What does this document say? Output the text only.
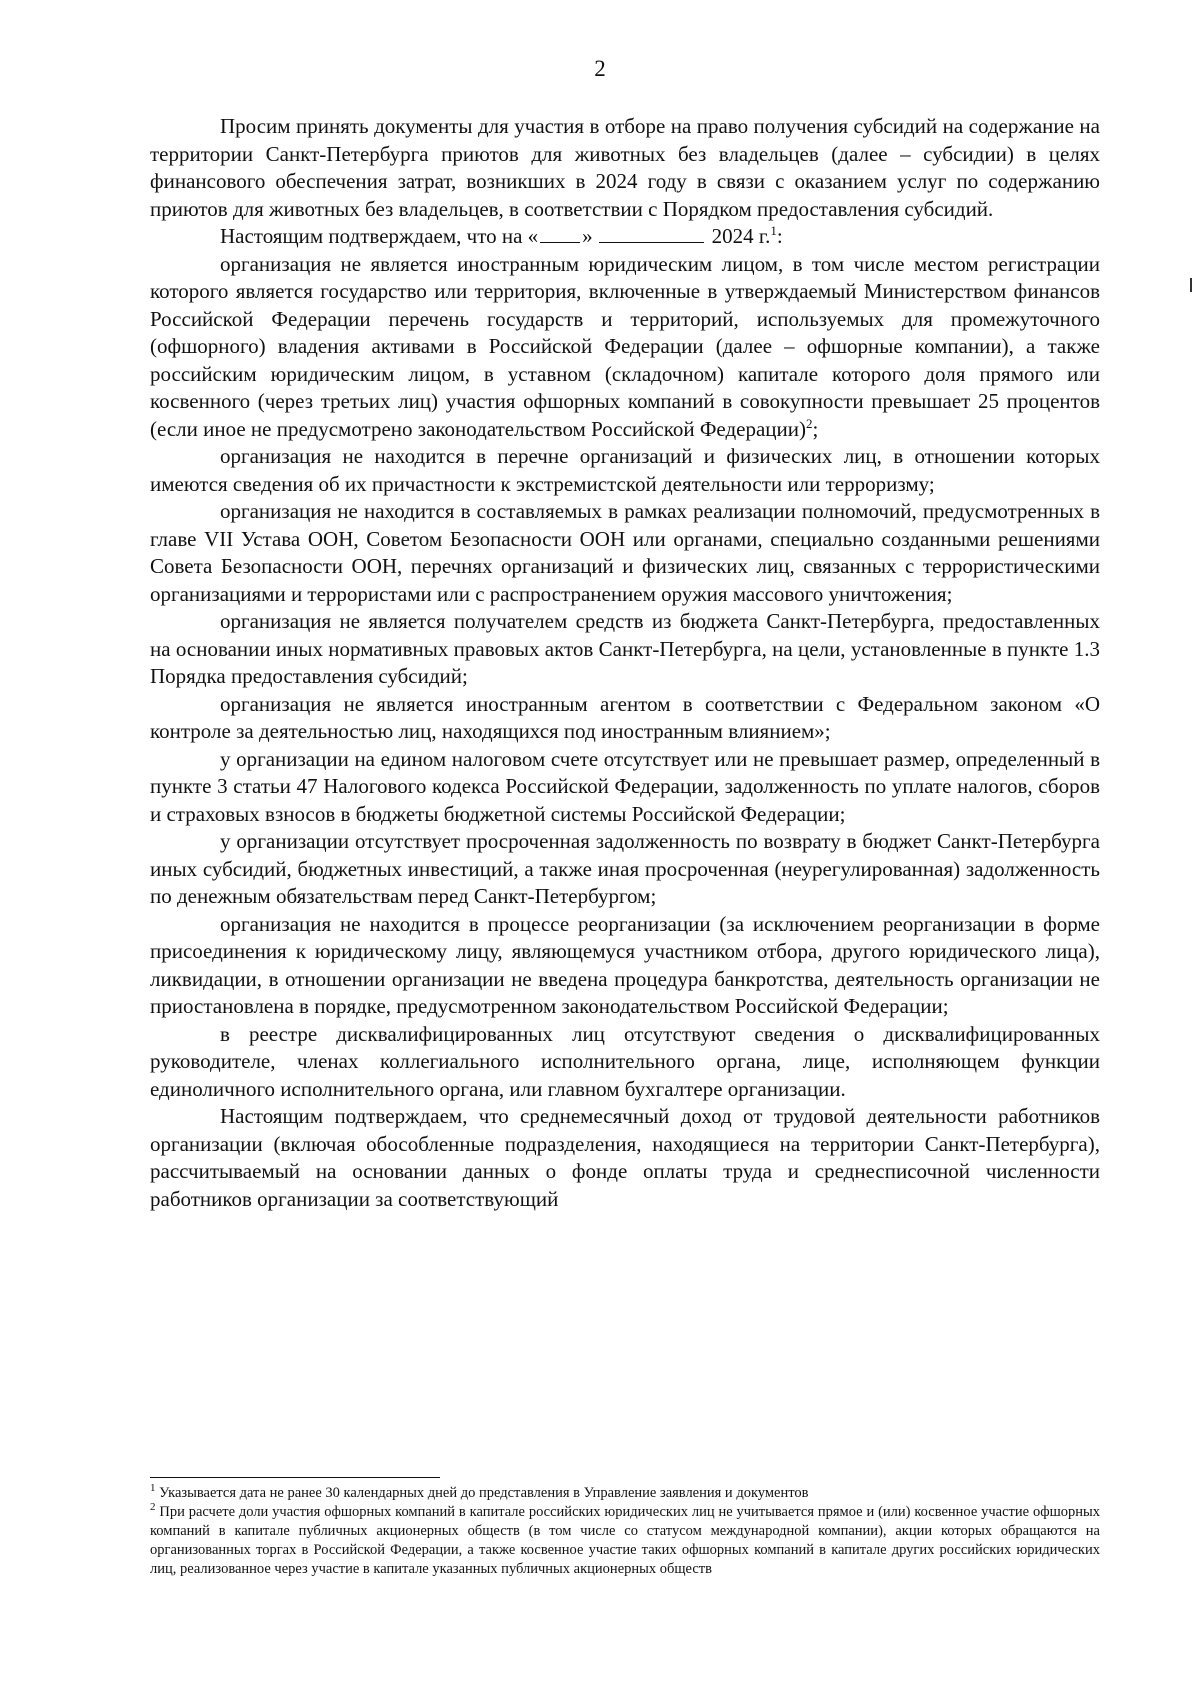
2

Просим принять документы для участия в отборе на право получения субсидий на содержание на территории Санкт-Петербурга приютов для животных без владельцев (далее – субсидии) в целях финансового обеспечения затрат, возникших в 2024 году в связи с оказанием услуг по содержанию приютов для животных без владельцев, в соответствии с Порядком предоставления субсидий.

Настоящим подтверждаем, что на « »	2024 г.$^1$:

организация не является иностранным юридическим лицом, в том числе местом регистрации которого является государство или территория, включенные в утверждаемый Министерством финансов Российской Федерации перечень государств и территорий, используемых для промежуточного (офшорного) владения активами в Российской Федерации (далее – офшорные компании), а также российским юридическим лицом, в уставном (складочном) капитале которого доля прямого или косвенного (через третьих лиц) участия офшорных компаний в совокупности превышает 25 процентов (если иное не предусмотрено законодательством Российской Федерации)$^2$;

организация не находится в перечне организаций и физических лиц, в отношении которых имеются сведения об их причастности к экстремистской деятельности или терроризму;

организация не находится в составляемых в рамках реализации полномочий, предусмотренных в главе VII Устава ООН, Советом Безопасности ООН или органами, специально созданными решениями Совета Безопасности ООН, перечнях организаций и физических лиц, связанных с террористическими организациями и террористами или с распространением оружия массового уничтожения;

организация не является получателем средств из бюджета Санкт-Петербурга, предоставленных на основании иных нормативных правовых актов Санкт-Петербурга, на цели, установленные в пункте 1.3 Порядка предоставления субсидий;

организация не является иностранным агентом в соответствии с Федеральном законом «О контроле за деятельностью лиц, находящихся под иностранным влиянием»;

у организации на едином налоговом счете отсутствует или не превышает размер, определенный в пункте 3 статьи 47 Налогового кодекса Российской Федерации, задолженность по уплате налогов, сборов и страховых взносов в бюджеты бюджетной системы Российской Федерации;

у организации отсутствует просроченная задолженность по возврату в бюджет Санкт-Петербурга иных субсидий, бюджетных инвестиций, а также иная просроченная (неурегулированная) задолженность по денежным обязательствам перед Санкт-Петербургом;

организация не находится в процессе реорганизации (за исключением реорганизации в форме присоединения к юридическому лицу, являющемуся участником отбора, другого юридического лица), ликвидации, в отношении организации не введена процедура банкротства, деятельность организации не приостановлена в порядке, предусмотренном законодательством Российской Федерации;

в реестре дисквалифицированных лиц отсутствуют сведения о дисквалифицированных руководителе, членах коллегиального исполнительного органа, лице, исполняющем функции единоличного исполнительного органа, или главном бухгалтере организации.

Настоящим подтверждаем, что среднемесячный доход от трудовой деятельности работников организации (включая обособленные подразделения, находящиеся на территории Санкт-Петербурга), рассчитываемый на основании данных о фонде оплаты труда и среднесписочной численности работников организации за соответствующий

$^1$ Указывается дата не ранее 30 календарных дней до представления в Управление заявления и документов

$^2$ При расчете доли участия офшорных компаний в капитале российских юридических лиц не учитывается прямое и (или) косвенное участие офшорных компаний в капитале публичных акционерных обществ (в том числе со статусом международной компании), акции которых обращаются на организованных торгах в Российской Федерации, а также косвенное участие таких офшорных компаний в капитале других российских юридических лиц, реализованное через участие в капитале указанных публичных акционерных обществ
